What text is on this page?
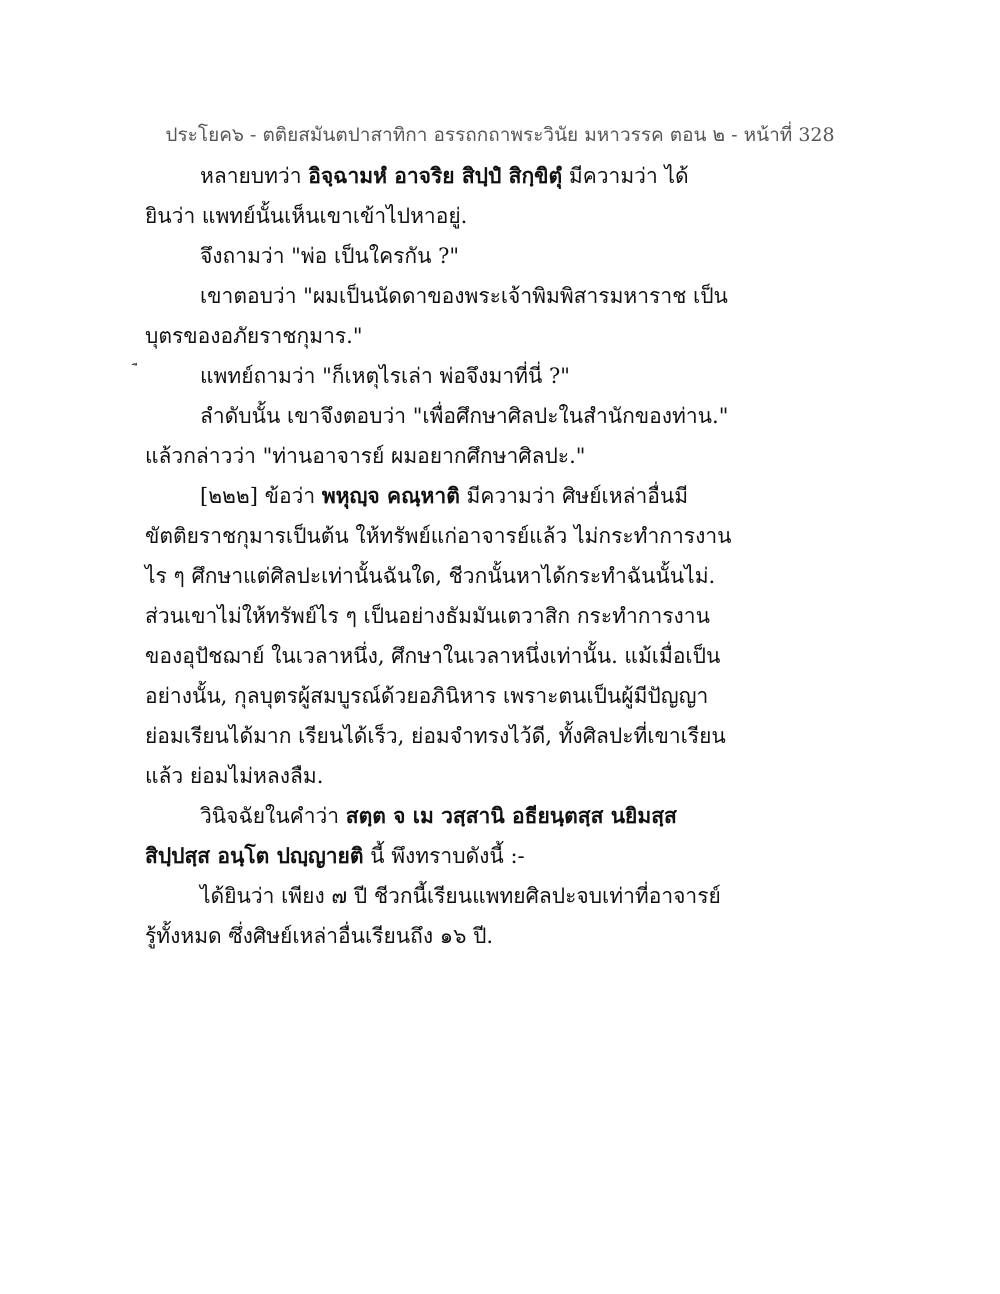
ประโยค๖ - ตติยสมันตปาสาทิกา อรรถกถาพระวินัย มหาวรรค ตอน ๒ - หน้าที่ 328
หลายบทว่า อิจฺฉามหํ อาจริย สิปฺปํ สิกฺขิตุํ มีความว่า ได้
ยินว่า แพทย์นั้นเห็นเขาเข้าไปหาอยู่.
จึงถามว่า "พ่อ เป็นใครกัน ?"
เขาตอบว่า "ผมเป็นนัดดาของพระเจ้าพิมพิสารมหาราช เป็น
บุตรของอภัยราชกุมาร."
แพทย์ถามว่า "ก็เหตุไรเล่า พ่อจึงมาที่นี่ ?"
ลำดับนั้น เขาจึงตอบว่า "เพื่อศึกษาศิลปะในสำนักของท่าน."
แล้วกล่าวว่า "ท่านอาจารย์ ผมอยากศึกษาศิลปะ."
[๒๒๒] ข้อว่า พหุญฺจ คณฺหาติ มีความว่า ศิษย์เหล่าอื่นมี
ขัตติยราชกุมารเป็นต้น ให้ทรัพย์แก่อาจารย์แล้ว ไม่กระทำการงาน
ไร ๆ ศึกษาแต่ศิลปะเท่านั้นฉันใด, ชีวกนั้นหาได้กระทำฉันนั้นไม่.
ส่วนเขาไม่ให้ทรัพย์ไร ๆ เป็นอย่างธัมมันเตวาสิก กระทำการงาน
ของอุปัชฌาย์ ในเวลาหนึ่ง, ศึกษาในเวลาหนึ่งเท่านั้น. แม้เมื่อเป็น
อย่างนั้น, กุลบุตรผู้สมบูรณ์ด้วยอภินิหาร เพราะตนเป็นผู้มีปัญญา
ย่อมเรียนได้มาก เรียนได้เร็ว, ย่อมจำทรงไว้ดี, ทั้งศิลปะที่เขาเรียน
แล้ว ย่อมไม่หลงลืม.
วินิจฉัยในคำว่า สตฺต จ เม วสฺสานิ อธียนฺตสฺส นยิมสฺส
สิปฺปสฺส อนฺโต ปญฺญายติ นี้ พึงทราบดังนี้ :-
ได้ยินว่า เพียง ๗ ปี ชีวกนี้เรียนแพทยศิลปะจบเท่าที่อาจารย์
รู้ทั้งหมด ซึ่งศิษย์เหล่าอื่นเรียนถึง ๑๖ ปี.
